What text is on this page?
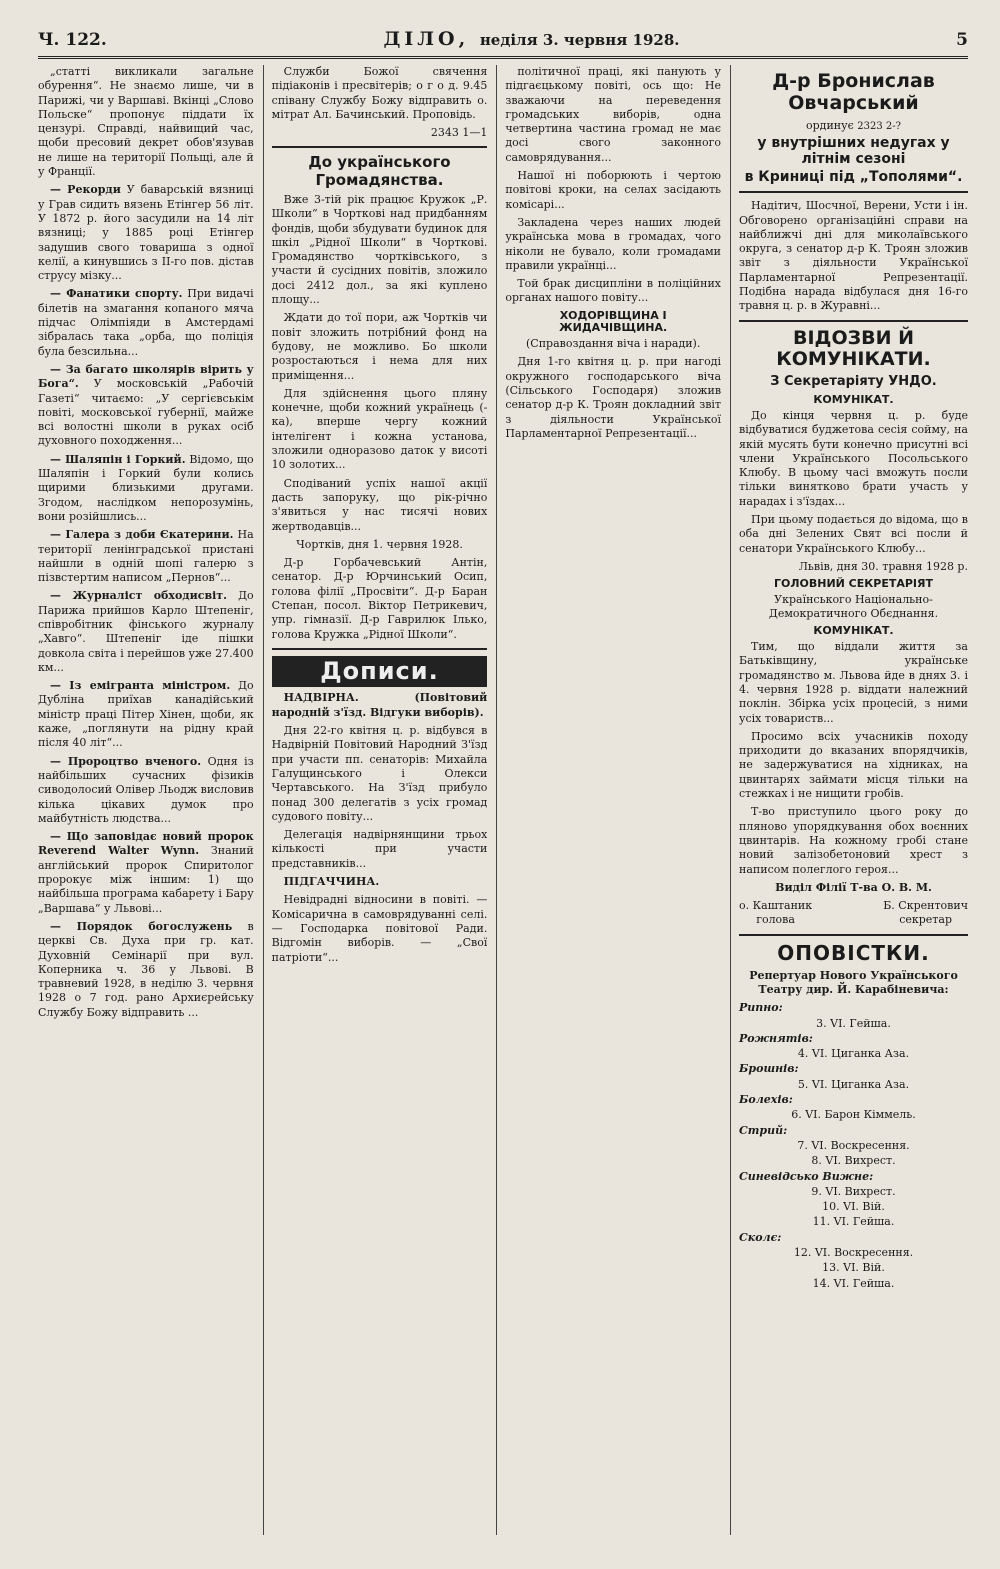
Ч. 122.	ДІЛО, неділя 3. червня 1928.	5

„статті викликали загальне обурення“. Не знаємо лише, чи в Парижі, чи у Варшаві. Вкінці „Слово Польске“ пропонує піддати їх цензурі. Справді, найвищий час, щоби пресовий декрет обов'язував не лише на території Польщі, але й у Франції.

— Рекорди У баварській вязниці у Грав сидить вязень Етінгер 56 літ. У 1872 р. його засудили на 14 літ вязниці; у 1885 році Етінгер задушив свого товариша з одної келії, а кинувшись з ІІ-го пов. дістав струсу мізку...

— Фанатики спорту. При видачі білетів на змагання копаного мяча підчас Олімпіяди в Амстердамі зібралась така „орба, що поліція була безсильна...

— За багато школярів вірить у Бога“. У московській „Рабочій Газеті“ читаємо: „У сергієвськім повіті, московської губернії, майже всі волостні школи в руках осіб духовного походження...

— Шаляпін і Горкий. Відомо, що Шаляпін і Горкий були колись щирими близькими другами. Згодом, наслідком непорозумінь, вони розійшлись...

— Галера з доби Єкатерини. На території ленінградської пристані найшли в одній шопі галерю з пізвстертим написом „Пернов“...

— Журналіст обходисвіт. До Парижа прийшов Карло Штепеніг, співробітник фінського журналу „Хавго“. Штепеніг іде пішки довкола світа і перейшов уже 27.400 км...

— Із емігранта міністром. До Дубліна приїхав канадійський міністр праці Пітер Хінен, щоби, як каже, „поглянути на рідну край після 40 літ“...

— Пророцтво вченого. Одня із найбільших сучасних фізиків сиводолосий Олівер Льодж висловив кілька цікавих думок про майбутність людства...

— Що заповідає новий пророк Reverend Walter Wynn. Знаний англійський пророк Спиритолог пророкує між іншим: 1) що найбільша програма кабарету і Бару „Варшава“ у Львові...

— Порядок богослужень в церкві Св. Духа при гр. кат. Духовній Семінарії при вул. Коперника ч. 36 у Львові. В травневий 1928, в неділю 3. червня 1928 о 7 год. рано Архиєрейську Службу Божу відправить ...

Служби Божої свячення підіаконів і пресвітерів; о г о д. 9.45 співану Службу Божу відправить о. мітрат Ал. Бачинський. Проповідь.

2343 1—1
До українського Громадянства.

Вже 3-тій рік працює Кружок „Р. Школи“ в Чорткові над придбанням фондів, щоби збудувати будинок для шкіл „Рідної Школи“ в Чорткові. Громадянство чортківського, з участи й сусідних повітів, зложило досі 2412 дол., за які куплено площу...

Ждати до тої пори, аж Чортків чи повіт зложить потрібний фонд на будову, не можливо. Бо школи розростаються і нема для них приміщення...

Для здійснення цього пляну конечне, щоби кожний українець (-ка), вперше чергу кожний інтелігент і кожна установа, зложили одноразово даток у висоті 10 золотих...

Сподіваний успіх нашої акції дасть запоруку, що рік-річно з'явиться у нас тисячі нових жертводавців...

Чортків, дня 1. червня 1928.

Д-р Горбачевський Антін, сенатор. Д-р Юрчинський Осип, голова філії „Просвіти“. Д-р Баран Степан, посол. Віктор Петрикевич, упр. гімназії. Д-р Гаврилюк Ілько, голова Кружка „Рідної Школи“.

Дописи.

НАДВІРНА. (Повітовий народній з'їзд. Відгуки виборів).

Дня 22-го квітня ц. р. відбувся в Надвірній Повітовий Народний З'їзд при участи пп. сенаторів: Михайла Галущинського і Олекси Чертавського. На З'їзд прибуло понад 300 делегатів з усіх громад судового повіту...

Делегація надвірнянщини трьох кількості при участи представників...

ПІДГАЧЧИНА.

Невідрадні відносини в повіті. — Комісарична в самоврядуванні селі. — Господарка повітової Ради. Відгомін виборів. — „Свої патріоти“...

політичної праці, які панують у підгаєцькому повіті, ось що: Не зважаючи на переведення громадських виборів, одна четвертина частина громад не має досі свого законного самоврядування...

Нашої ні поборюють і чертою повітові кроки, на селах засідають комісарі...

Закладена через наших людей українська мова в громадах, чого ніколи не бувало, коли громадами правили українці...

Той брак дисципліни в поліційних органах нашого повіту...

ХОДОРІВЩИНА І ЖИДАЧІВЩИНА.

(Справоздання віча і наради).

Дня 1-го квітня ц. р. при нагоді окружного господарського віча (Сільського Господаря) зложив сенатор д-р К. Троян докладний звіт з діяльности Української Парламентарної Репрезентації...

Д-р Бронислав Овчарський
ординує 2323 2-?
у внутрішних недугах у літнім сезоні
в Криниці під „Тополями“.

Надітич, Шосчної, Верени, Усти і ін. Обговорено організаційні справи на найближчі дні для миколаївського округа, з сенатор д-р К. Троян зложив звіт з діяльности Української Парламентарної Репрезентації. Подібна нарада відбулася дня 16-го травня ц. р. в Журавні...

ВІДОЗВИ Й КОМУНІКАТИ.
З Секретаріяту УНДО.
КОМУНІКАТ.

До кінця червня ц. р. буде відбуватися буджетова сесія сойму, на якій мусять бути конечно присутні всі члени Українського Посольського Клюбу. В цьому часі вможуть посли тільки винятково брати участь у нарадах і з'їздах...

При цьому подається до відома, що в оба дні Зелених Свят всі посли й сенатори Українського Клюбу...

Львів, дня 30. травня 1928 р.

ГОЛОВНИЙ СЕКРЕТАРІЯТ

Українського Національно-Демократичного Обєднання.

КОМУНІКАТ.

Тим, що віддали життя за Батьківщину, українське громадянство м. Львова йде в днях 3. і 4. червня 1928 р. віддати належний поклін. Збірка усіх процесій, з ними усіх товариств...

Просимо всіх учасників походу приходити до вказаних впорядчиків, не задержуватися на хідниках, на цвинтарях займати місця тільки на стежках і не нищити гробів.

Т-во приступило цього року до пляново упорядкування обох воєнних цвинтарів. На кожному гробі стане новий залізобетоновий хрест з написом полеглого героя...

Виділ Філії Т-ва О. В. М.

о. Каштаник
голова
Б. Скрентович
секретар
ОПОВІСТКИ.

Репертуар Нового Українського Театру дир. Й. Карабіневича:

Рипно:
3. VI. Гейша.
Рожнятів:
4. VI. Циганка Аза.
Брошнів:
5. VI. Циганка Аза.
Болехів:
6. VI. Барон Кіммель.
Стрий:
7. VI. Воскресення.
8. VI. Вихрест.
Синевідсько Вижне:
9. VI. Вихрест.
10. VI. Вій.
11. VI. Гейша.
Сколє:
12. VI. Воскресення.
13. VI. Вій.
14. VI. Гейша.
